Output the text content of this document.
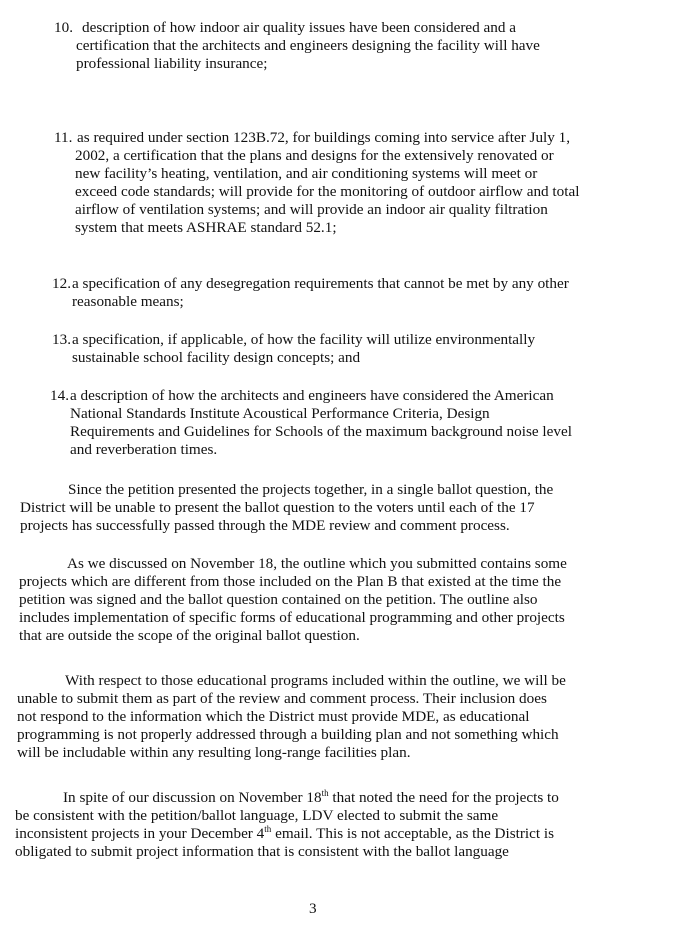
10. description of how indoor air quality issues have been considered and a
certification that the architects and engineers designing the facility will have
professional liability insurance;
11. as required under section 123B.72, for buildings coming into service after July 1,
2002, a certification that the plans and designs for the extensively renovated or
new facility’s heating, ventilation, and air conditioning systems will meet or
exceed code standards; will provide for the monitoring of outdoor airflow and total
airflow of ventilation systems; and will provide an indoor air quality filtration
system that meets ASHRAE standard 52.1;
12. a specification of any desegregation requirements that cannot be met by any other
reasonable means;
13. a specification, if applicable, of how the facility will utilize environmentally
sustainable school facility design concepts; and
14. a description of how the architects and engineers have considered the American
National Standards Institute Acoustical Performance Criteria, Design
Requirements and Guidelines for Schools of the maximum background noise level
and reverberation times.
Since the petition presented the projects together, in a single ballot question, the
District will be unable to present the ballot question to the voters until each of the 17
projects has successfully passed through the MDE review and comment process.
As we discussed on November 18, the outline which you submitted contains some
projects which are different from those included on the Plan B that existed at the time the
petition was signed and the ballot question contained on the petition. The outline also
includes implementation of specific forms of educational programming and other projects
that are outside the scope of the original ballot question.
With respect to those educational programs included within the outline, we will be
unable to submit them as part of the review and comment process. Their inclusion does
not respond to the information which the District must provide MDE, as educational
programming is not properly addressed through a building plan and not something which
will be includable within any resulting long-range facilities plan.
In spite of our discussion on November 18th that noted the need for the projects to
be consistent with the petition/ballot language, LDV elected to submit the same
inconsistent projects in your December 4th email. This is not acceptable, as the District is
obligated to submit project information that is consistent with the ballot language
3
